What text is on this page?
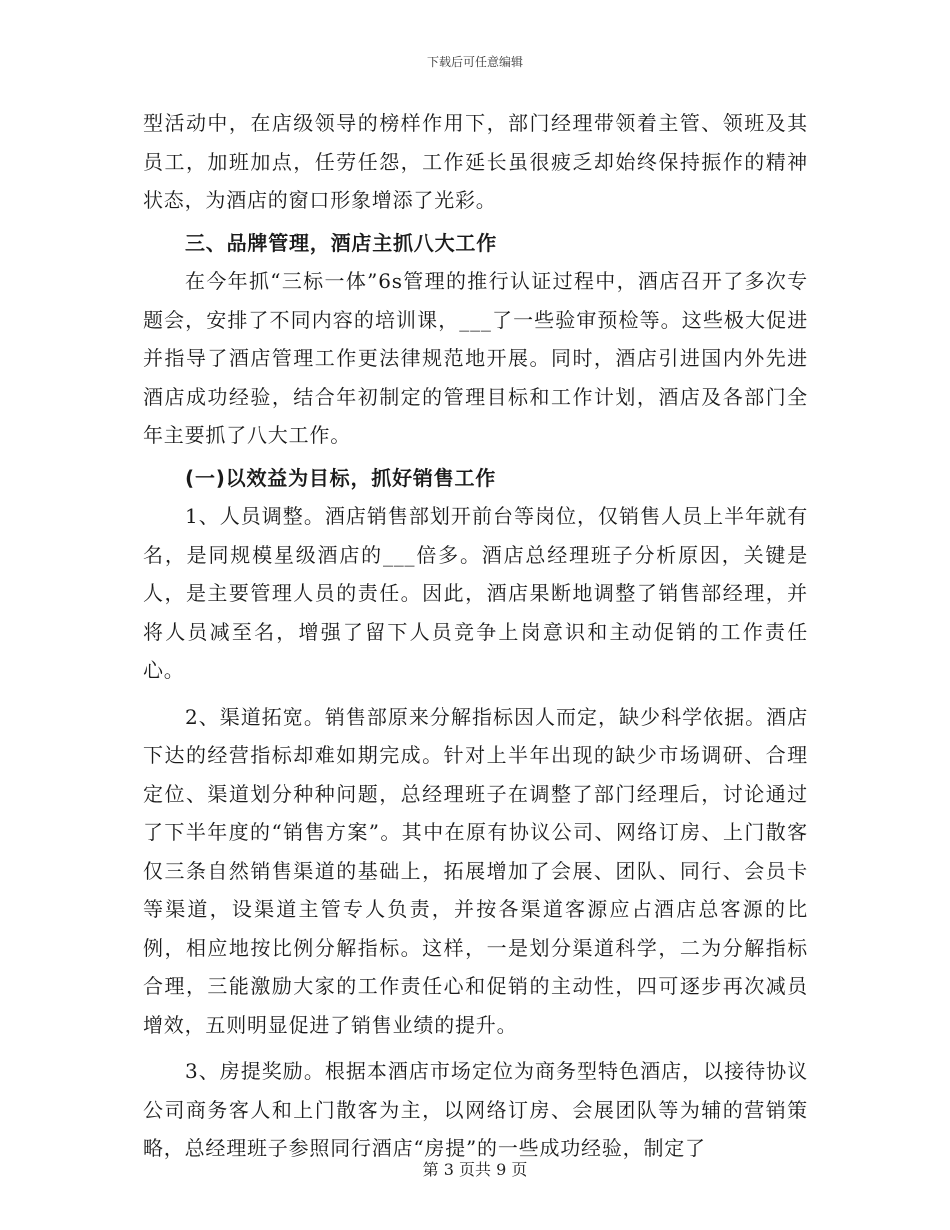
下载后可任意编辑

型活动中，在店级领导的榜样作用下，部门经理带领着主管、领班及其员工，加班加点，任劳任怨，工作延长虽很疲乏却始终保持振作的精神状态，为酒店的窗口形象增添了光彩。

三、品牌管理，酒店主抓八大工作

在今年抓“三标一体”6s管理的推行认证过程中，酒店召开了多次专题会，安排了不同内容的培训课，___了一些验审预检等。这些极大促进并指导了酒店管理工作更法律规范地开展。同时，酒店引进国内外先进酒店成功经验，结合年初制定的管理目标和工作计划，酒店及各部门全年主要抓了八大工作。

(一)以效益为目标，抓好销售工作

1、人员调整。酒店销售部划开前台等岗位，仅销售人员上半年就有名，是同规模星级酒店的___倍多。酒店总经理班子分析原因，关键是人，是主要管理人员的责任。因此，酒店果断地调整了销售部经理，并将人员减至名，增强了留下人员竞争上岗意识和主动促销的工作责任心。

2、渠道拓宽。销售部原来分解指标因人而定，缺少科学依据。酒店下达的经营指标却难如期完成。针对上半年出现的缺少市场调研、合理定位、渠道划分种种问题，总经理班子在调整了部门经理后，讨论通过了下半年度的“销售方案”。其中在原有协议公司、网络订房、上门散客仅三条自然销售渠道的基础上，拓展增加了会展、团队、同行、会员卡等渠道，设渠道主管专人负责，并按各渠道客源应占酒店总客源的比例，相应地按比例分解指标。这样，一是划分渠道科学，二为分解指标合理，三能激励大家的工作责任心和促销的主动性，四可逐步再次减员增效，五则明显促进了销售业绩的提升。

3、房提奖励。根据本酒店市场定位为商务型特色酒店，以接待协议公司商务客人和上门散客为主，以网络订房、会展团队等为辅的营销策略，总经理班子参照同行酒店“房提”的一些成功经验，制定了

第 3 页共 9 页
